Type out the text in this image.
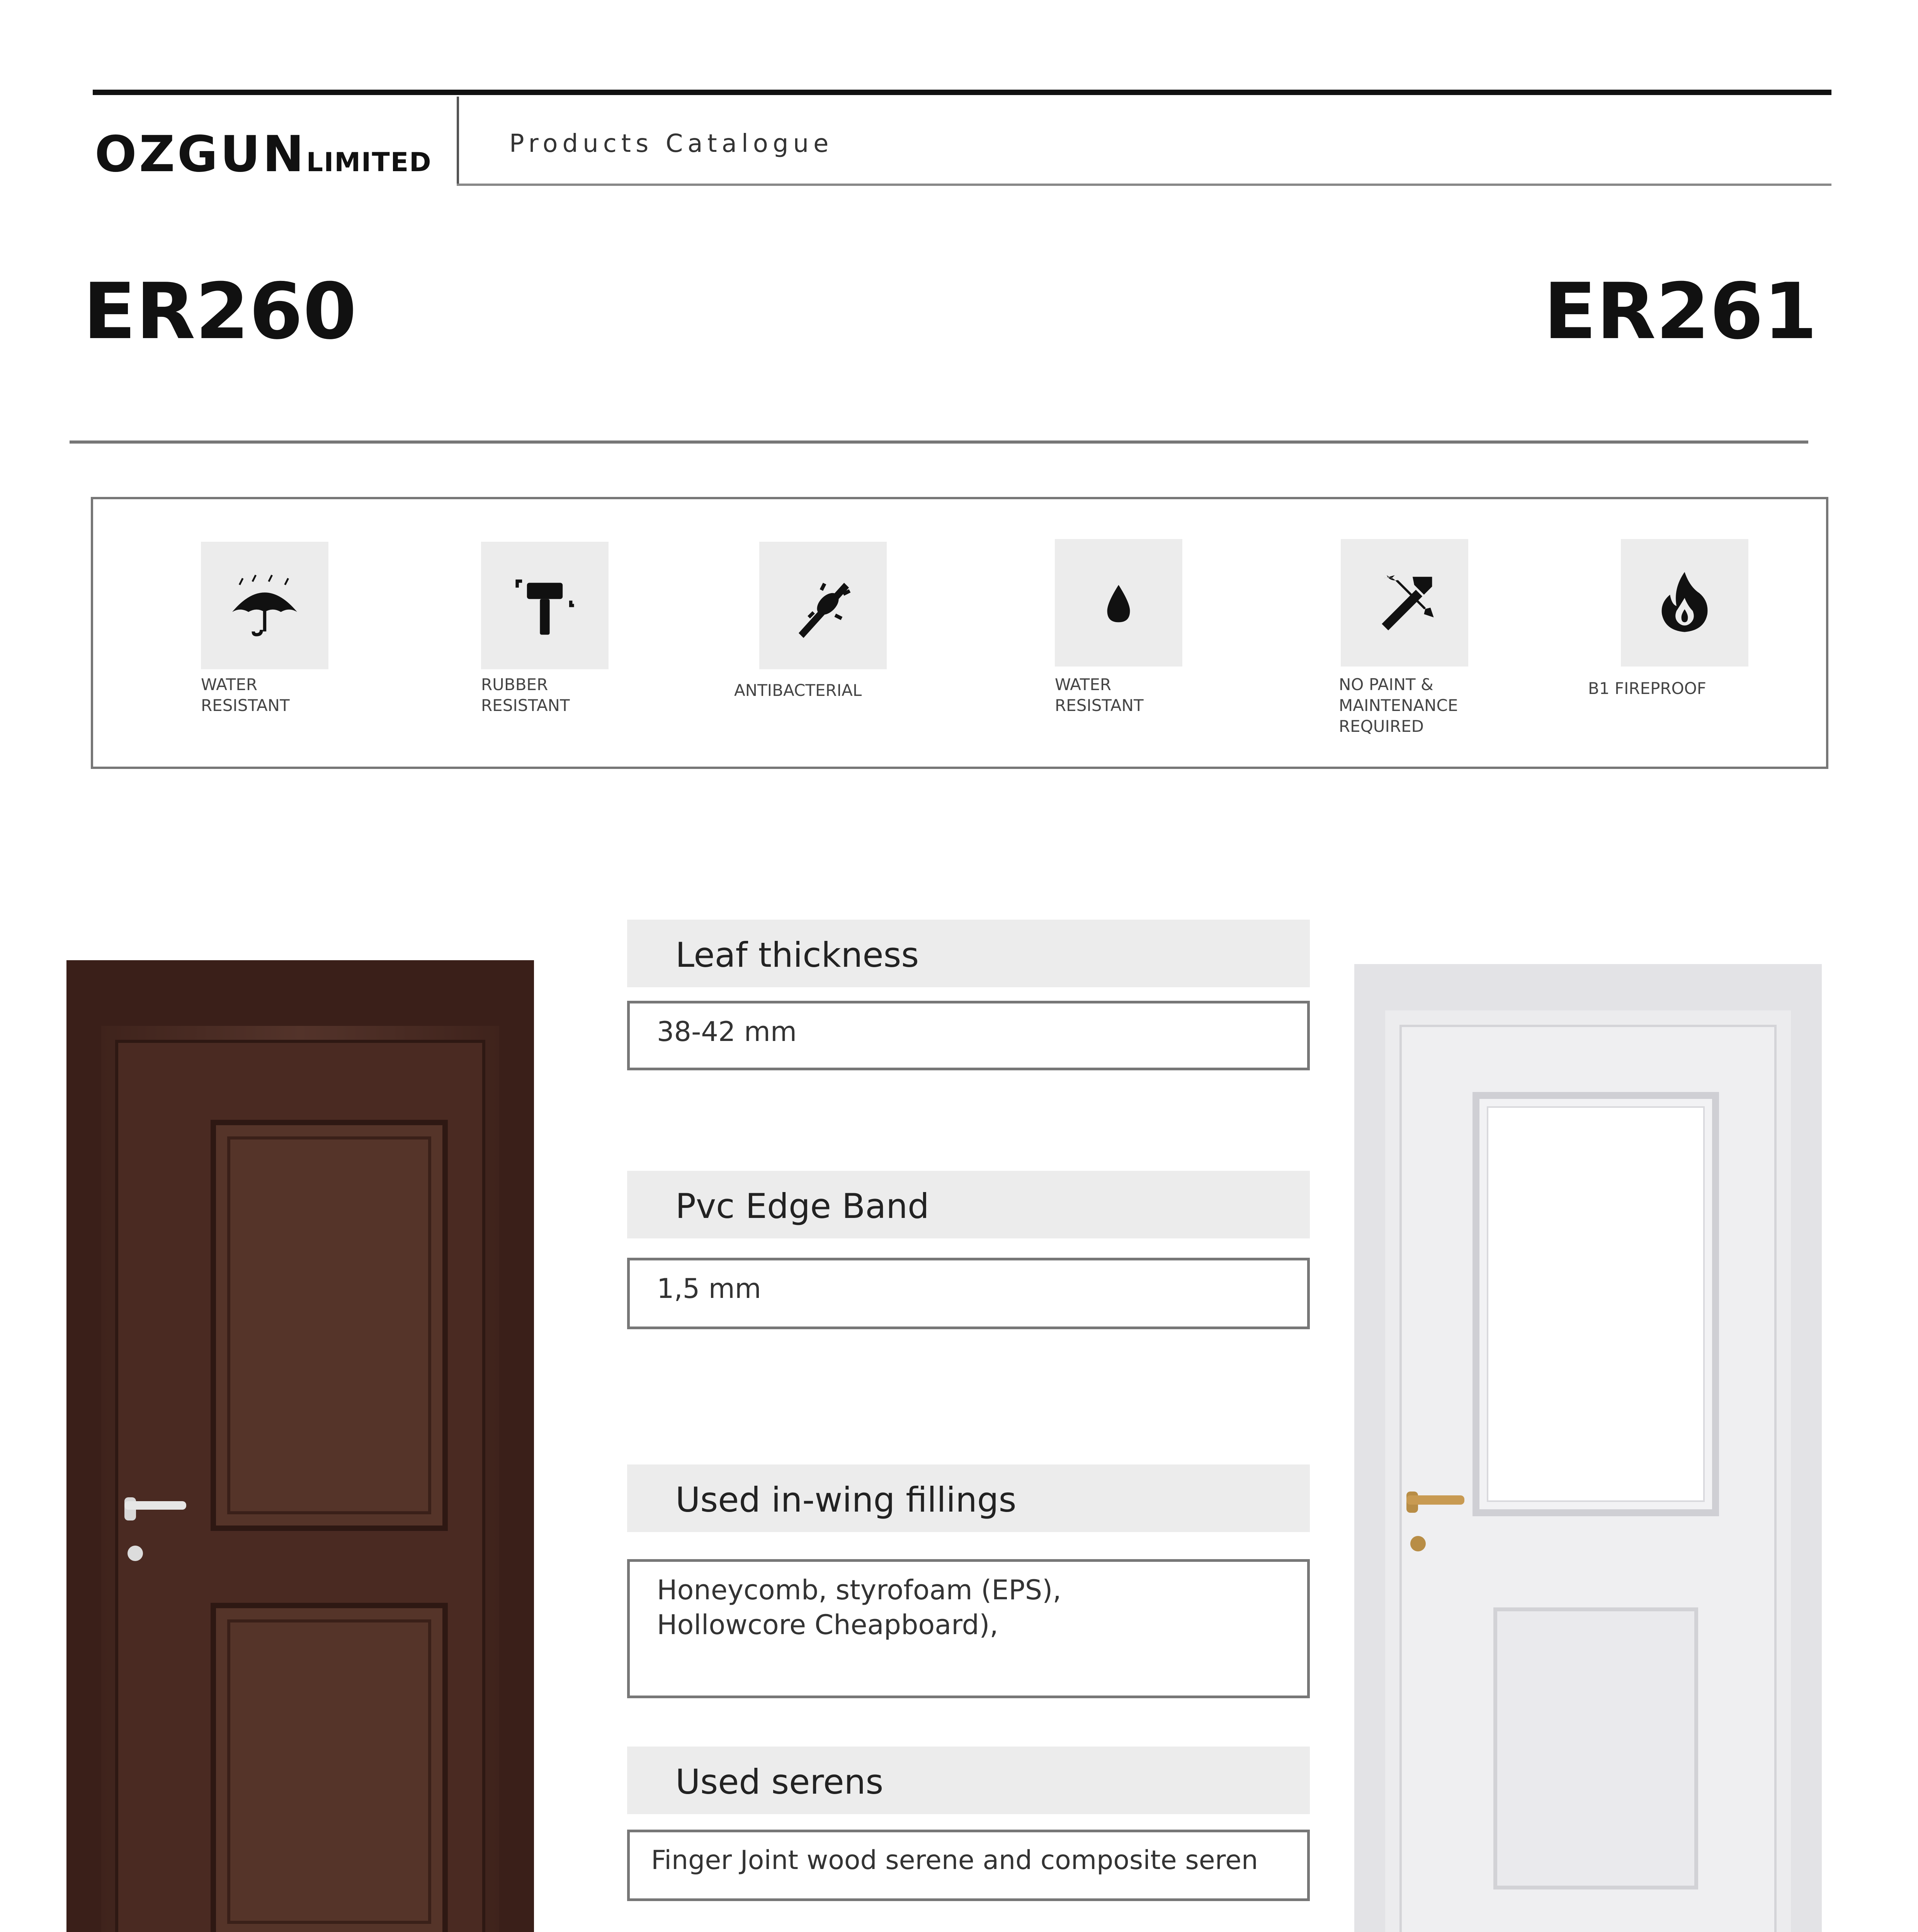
OZGUNLIMITED
Products Catalogue
ER260	ER261
WATER
RESISTANT
RUBBER
RESISTANT
ANTIBACTERIAL	WATER
RESISTANT
NO PAINT &
MAINTENANCE
REQUIRED
B1 FIREPROOF
Leaf thickness
38-42 mm
Pvc Edge Band
1,5 mm
Used in-wing fillings
Honeycomb, styrofoam (EPS),
Hollowcore Cheapboard),
Used serens
Finger Joint wood serene and composite seren
